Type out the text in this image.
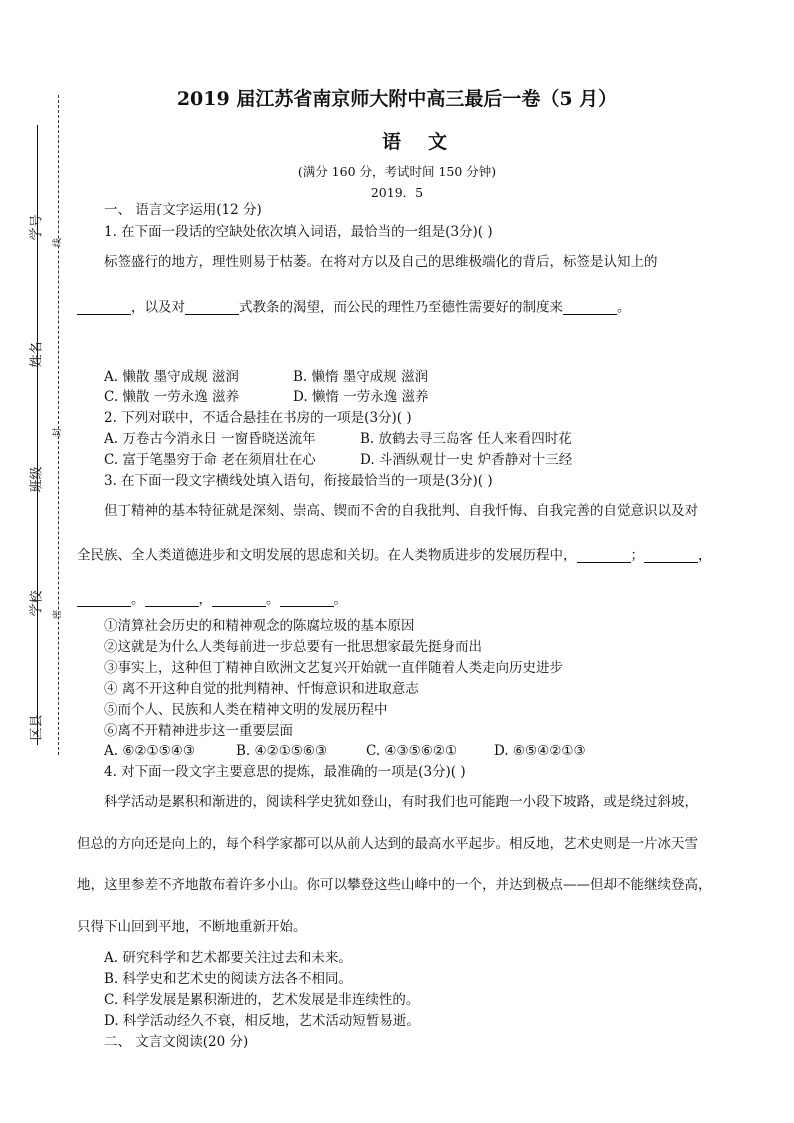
学号
姓名
班级
学校
区县
线
封
密
2019 届江苏省南京师大附中高三最后一卷（5 月）
语 文
(满分 160 分，考试时间 150 分钟)
2019．5
一、 语言文字运用(12 分)
1. 在下面一段话的空缺处依次填入词语，最恰当的一组是(3分)( )
标签盛行的地方，理性则易于枯萎。在将对方以及自己的思维极端化的背后，标签是认知上的
，以及对	式教条的渴望，而公民的理性乃至德性需要好的制度来	。
A. 懒散 墨守成规 滋润	B. 懒惰 墨守成规 滋润
C. 懒散 一劳永逸 滋养	D. 懒惰 一劳永逸 滋养
2. 下列对联中，不适合悬挂在书房的一项是(3分)( )
A. 万卷古今消永日 一窗昏晓送流年	B. 放鹤去寻三岛客 任人来看四时花
C. 富于笔墨穷于命 老在须眉壮在心	D. 斗酒纵观廿一史 炉香静对十三经
3. 在下面一段文字横线处填入语句，衔接最恰当的一项是(3分)( )
但丁精神的基本特征就是深刻、崇高、锲而不舍的自我批判、自我忏悔、自我完善的自觉意识以及对
全民族、全人类道德进步和文明发展的思虑和关切。在人类物质进步的发展历程中，	；	，
。	，	。	。
①清算社会历史的和精神观念的陈腐垃圾的基本原因
②这就是为什么人类每前进一步总要有一批思想家最先挺身而出
③事实上，这种但丁精神自欧洲文艺复兴开始就一直伴随着人类走向历史进步
④ 离不开这种自觉的批判精神、忏悔意识和进取意志
⑤而个人、民族和人类在精神文明的发展历程中
⑥离不开精神进步这一重要层面
A. ⑥②①⑤④③	B. ④②①⑤⑥③	C. ④③⑤⑥②①	D. ⑥⑤④②①③
4. 对下面一段文字主要意思的提炼，最准确的一项是(3分)( )
科学活动是累积和渐进的，阅读科学史犹如登山，有时我们也可能跑一小段下坡路，或是绕过斜坡，
但总的方向还是向上的，每个科学家都可以从前人达到的最高水平起步。相反地，艺术史则是一片冰天雪
地，这里参差不齐地散布着许多小山。你可以攀登这些山峰中的一个，并达到极点——但却不能继续登高，
只得下山回到平地，不断地重新开始。
A. 研究科学和艺术都要关注过去和未来。
B. 科学史和艺术史的阅读方法各不相同。
C. 科学发展是累积渐进的，艺术发展是非连续性的。
D. 科学活动经久不衰，相反地，艺术活动短暂易逝。
二、 文言文阅读(20 分)
